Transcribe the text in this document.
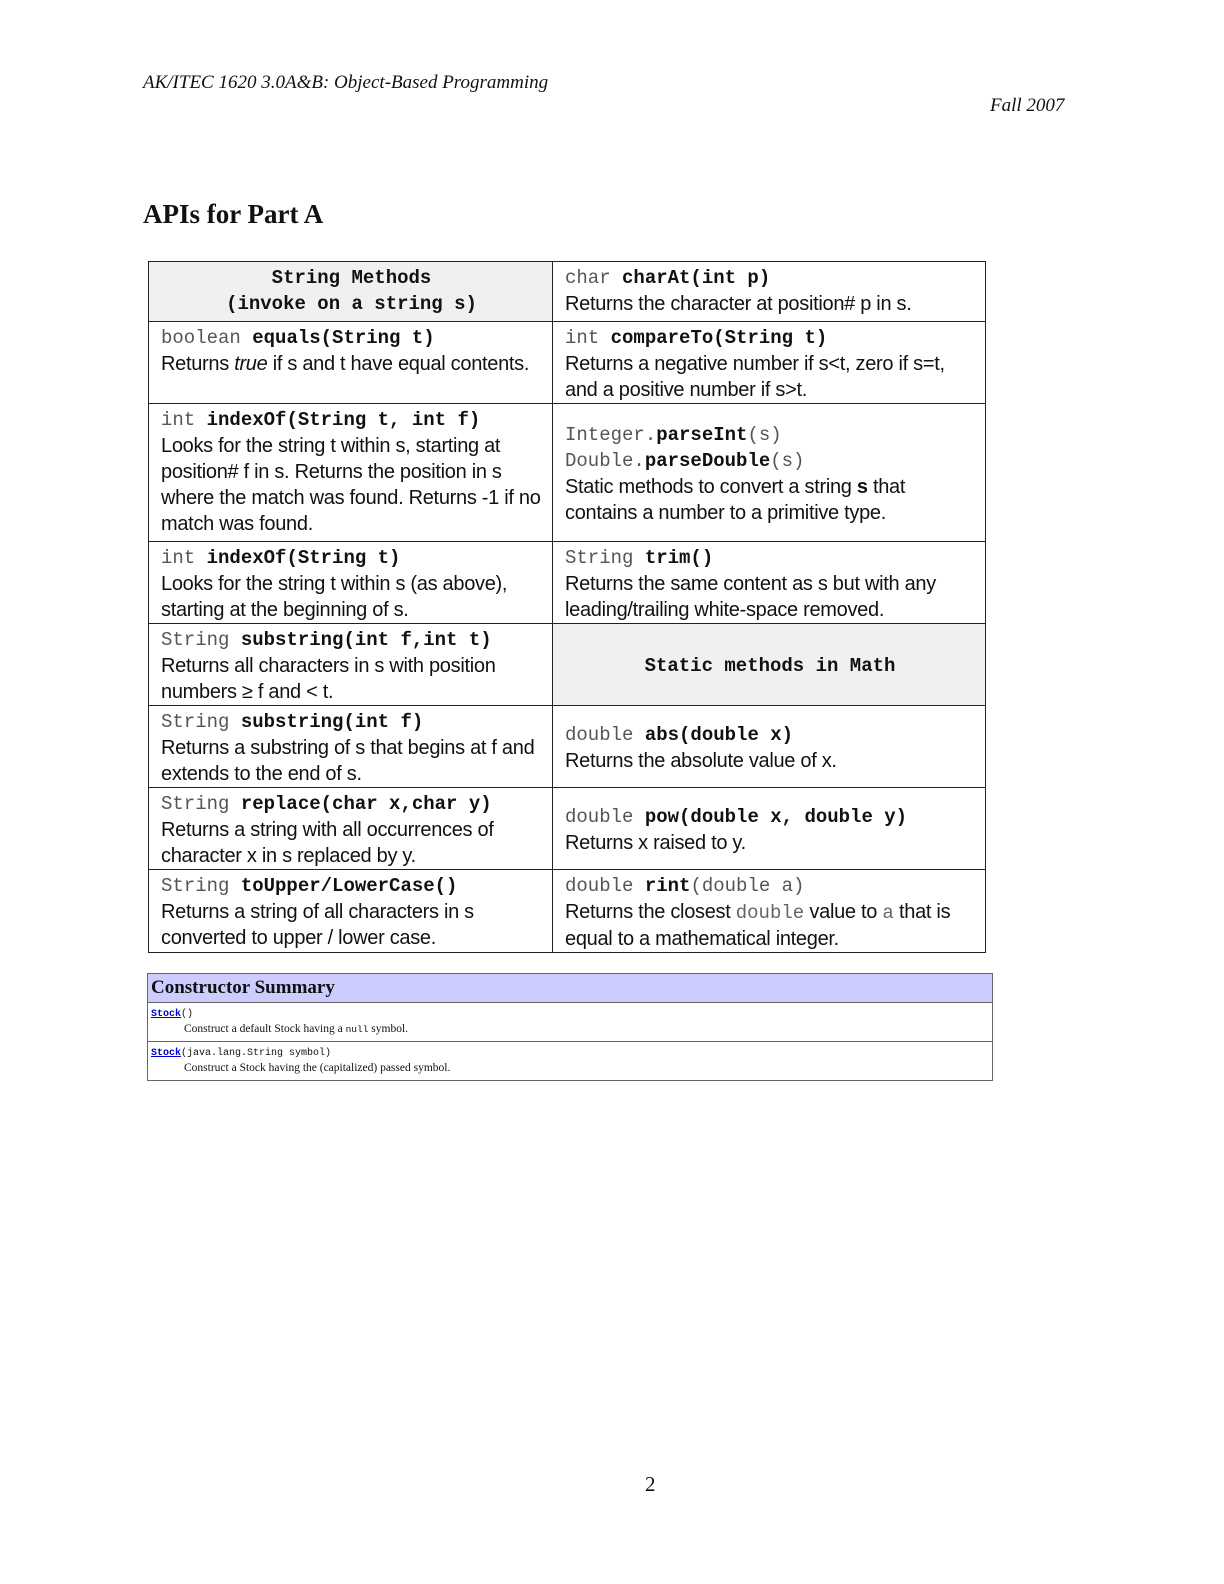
AK/ITEC 1620 3.0A&B: Object-Based Programming
Fall 2007
APIs for Part A
String Methods
(invoke on a string s)	char charAt(int p)
Returns the character at position# p in s.

boolean equals(String t)
Returns true if s and t have equal contents.	int compareTo(String t)
Returns a negative number if s<t, zero if s=t, and a positive number if s>t.

int indexOf(String t, int f)
Looks for the string t within s, starting at position# f in s. Returns the position in s where the match was found. Returns -1 if no match was found.	Integer.parseInt(s)
Double.parseDouble(s)
Static methods to convert a string s that contains a number to a primitive type.

int indexOf(String t)
Looks for the string t within s (as above), starting at the beginning of s.	String trim()
Returns the same content as s but with any leading/trailing white-space removed.

String substring(int f,int t)
Returns all characters in s with position numbers ≥ f and < t.	Static methods in Math

String substring(int f)
Returns a substring of s that begins at f and extends to the end of s.	double abs(double x)
Returns the absolute value of x.

String replace(char x,char y)
Returns a string with all occurrences of character x in s replaced by y.	double pow(double x, double y)
Returns x raised to y.

String toUpper/LowerCase()
Returns a string of all characters in s converted to upper / lower case.	double rint(double a)
Returns the closest double value to a that is equal to a mathematical integer.
Constructor Summary

Stock()
Construct a default Stock having a null symbol.

Stock(java.lang.String symbol)
Construct a Stock having the (capitalized) passed symbol.
2
